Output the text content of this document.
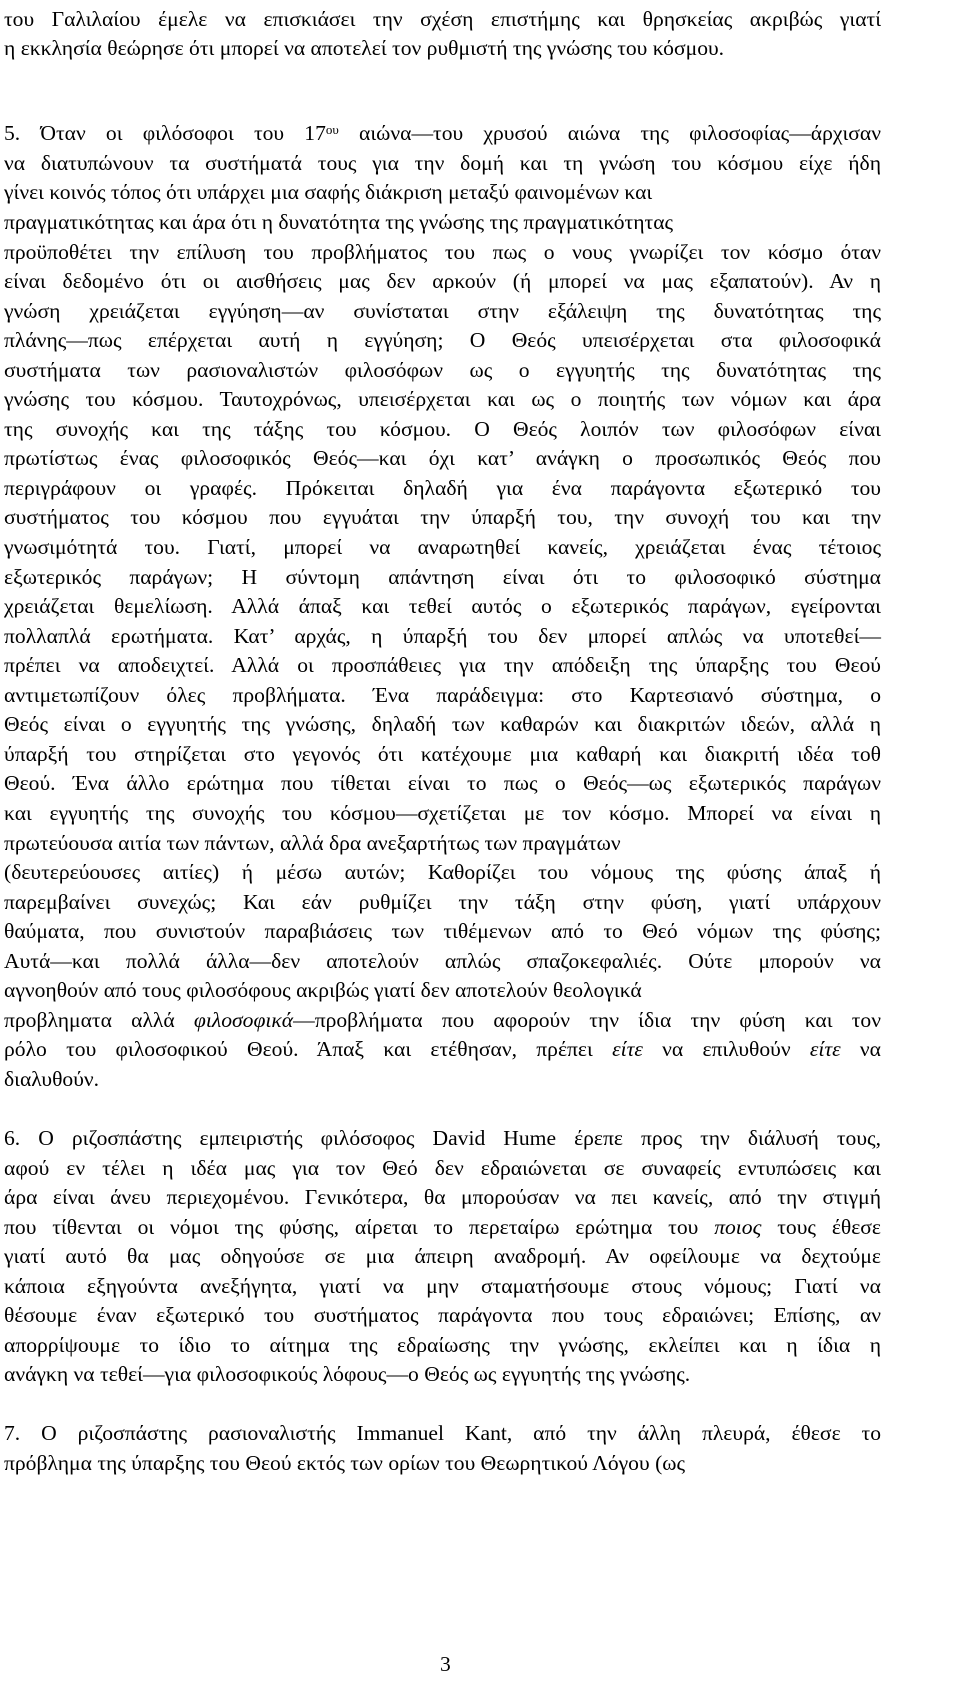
του Γαλιλαίου έμελε να επισκιάσει την σχέση επιστήμης και θρησκείας ακριβώς γιατί
η εκκλησία θεώρησε ότι μπορεί να αποτελεί τον ρυθμιστή της γνώσης του κόσμου.
5. Όταν οι φιλόσοφοι του $17^{o\upsilon}$ αιώνα—του χρυσού αιώνα της φιλοσοφίας—άρχισαν
να διατυπώνουν τα συστήματά τους για την δομή και τη γνώση του κόσμου είχε ήδη
γίνει κοινός τόπος ότι υπάρχει μια σαφής διάκριση μεταξύ φαινομένων και
πραγματικότητας και άρα ότι η δυνατότητα της γνώσης της πραγματικότητας
προϋποθέτει την επίλυση του προβλήματος του πως ο νους γνωρίζει τον κόσμο όταν
είναι δεδομένο ότι οι αισθήσεις μας δεν αρκούν (ή μπορεί να μας εξαπατούν). Αν η
γνώση χρειάζεται εγγύηση—αν συνίσταται στην εξάλειψη της δυνατότητας της
πλάνης—πως επέρχεται αυτή η εγγύηση; Ο Θεός υπεισέρχεται στα φιλοσοφικά
συστήματα των ρασιοναλιστών φιλοσόφων ως ο εγγυητής της δυνατότητας της
γνώσης του κόσμου. Ταυτοχρόνως, υπεισέρχεται και ως ο ποιητής των νόμων και άρα
της συνοχής και της τάξης του κόσμου. Ο Θεός λοιπόν των φιλοσόφων είναι
πρωτίστως ένας φιλοσοφικός Θεός—και όχι κατ’ ανάγκη ο προσωπικός Θεός που
περιγράφουν οι γραφές. Πρόκειται δηλαδή για ένα παράγοντα εξωτερικό του
συστήματος του κόσμου που εγγυάται την ύπαρξή του, την συνοχή του και την
γνωσιμότητά του. Γιατί, μπορεί να αναρωτηθεί κανείς, χρειάζεται ένας τέτοιος
εξωτερικός παράγων; Η σύντομη απάντηση είναι ότι το φιλοσοφικό σύστημα
χρειάζεται θεμελίωση. Αλλά άπαξ και τεθεί αυτός ο εξωτερικός παράγων, εγείρονται
πολλαπλά ερωτήματα. Κατ’ αρχάς, η ύπαρξή του δεν μπορεί απλώς να υποτεθεί—
πρέπει να αποδειχτεί. Αλλά οι προσπάθειες για την απόδειξη της ύπαρξης του Θεού
αντιμετωπίζουν όλες προβλήματα. Ένα παράδειγμα: στο Καρτεσιανό σύστημα, ο
Θεός είναι ο εγγυητής της γνώσης, δηλαδή των καθαρών και διακριτών ιδεών, αλλά η
ύπαρξή του στηρίζεται στο γεγονός ότι κατέχουμε μια καθαρή και διακριτή ιδέα τοθ
Θεού. Ένα άλλο ερώτημα που τίθεται είναι το πως ο Θεός—ως εξωτερικός παράγων
και εγγυητής της συνοχής του κόσμου—σχετίζεται με τον κόσμο. Μπορεί να είναι η
πρωτεύουσα αιτία των πάντων, αλλά δρα ανεξαρτήτως των πραγμάτων
(δευτερεύουσες αιτίες) ή μέσω αυτών; Καθορίζει του νόμους της φύσης άπαξ ή
παρεμβαίνει συνεχώς; Και εάν ρυθμίζει την τάξη στην φύση, γιατί υπάρχουν
θαύματα, που συνιστούν παραβιάσεις των τιθέμενων από το Θεό νόμων της φύσης;
Αυτά—και πολλά άλλα—δεν αποτελούν απλώς σπαζοκεφαλιές. Ούτε μπορούν να
αγνοηθούν από τους φιλοσόφους ακριβώς γιατί δεν αποτελούν θεολογικά
προβληματα αλλά φιλοσοφικά—προβλήματα που αφορούν την ίδια την φύση και τον
ρόλο του φιλοσοφικού Θεού. Άπαξ και ετέθησαν, πρέπει είτε να επιλυθούν είτε να
διαλυθούν.
6. Ο ριζοσπάστης εμπειριστής φιλόσοφος David Hume έρεπε προς την διάλυσή τους,
αφού εν τέλει η ιδέα μας για τον Θεό δεν εδραιώνεται σε συναφείς εντυπώσεις και
άρα είναι άνευ περιεχομένου. Γενικότερα, θα μπορούσαν να πει κανείς, από την στιγμή
που τίθενται οι νόμοι της φύσης, αίρεται το περεταίρω ερώτημα του ποιος τους έθεσε
γιατί αυτό θα μας οδηγούσε σε μια άπειρη αναδρομή. Αν οφείλουμε να δεχτούμε
κάποια εξηγούντα ανεξήγητα, γιατί να μην σταματήσουμε στους νόμους; Γιατί να
θέσουμε έναν εξωτερικό του συστήματος παράγοντα που τους εδραιώνει; Επίσης, αν
απορρίψουμε το ίδιο το αίτημα της εδραίωσης την γνώσης, εκλείπει και η ίδια η
ανάγκη να τεθεί—για φιλοσοφικούς λόφους—ο Θεός ως εγγυητής της γνώσης.
7. Ο ριζοσπάστης ρασιοναλιστής Immanuel Kant, από την άλλη πλευρά, έθεσε το
πρόβλημα της ύπαρξης του Θεού εκτός των ορίων του Θεωρητικού Λόγου (ως
3
